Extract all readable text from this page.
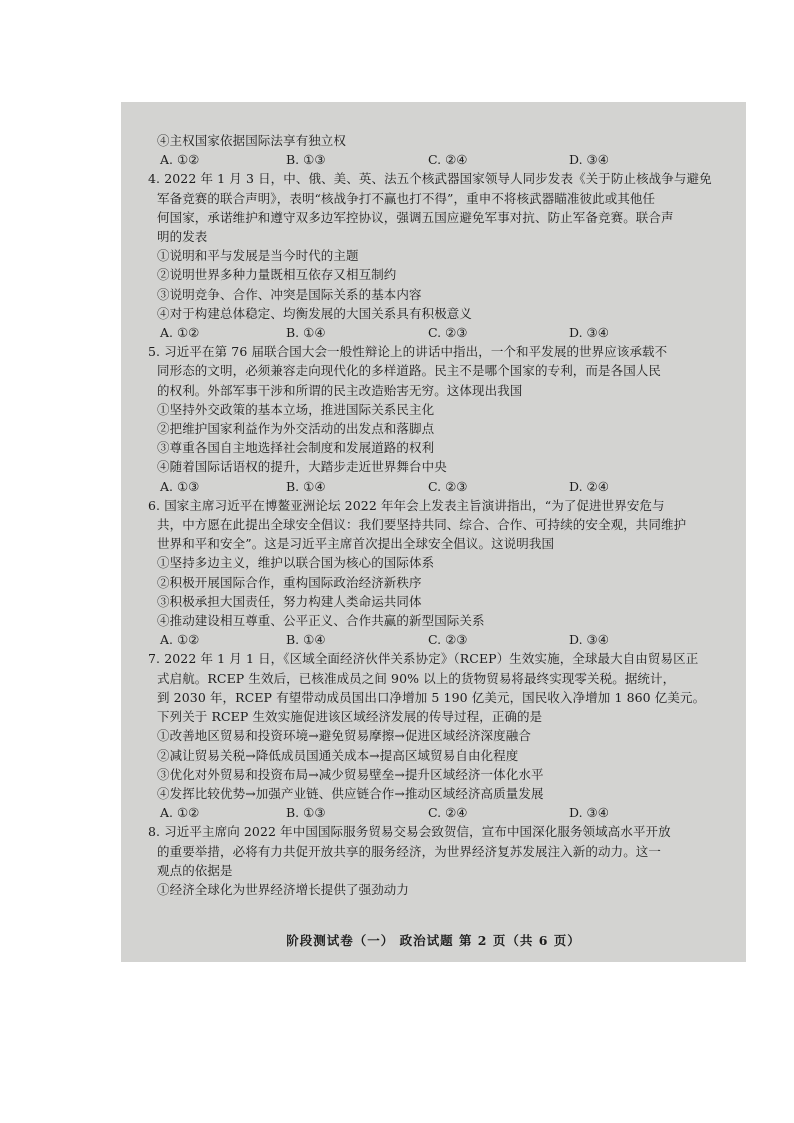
④主权国家依据国际法享有独立权
A. ①②	B. ①③	C. ②④	D. ③④
4. 2022 年 1 月 3 日，中、俄、美、英、法五个核武器国家领导人同步发表《关于防止核战争与避免
军备竞赛的联合声明》，表明“核战争打不赢也打不得”，重申不将核武器瞄准彼此或其他任
何国家，承诺维护和遵守双多边军控协议，强调五国应避免军事对抗、防止军备竞赛。联合声
明的发表
①说明和平与发展是当今时代的主题
②说明世界多种力量既相互依存又相互制约
③说明竞争、合作、冲突是国际关系的基本内容
④对于构建总体稳定、均衡发展的大国关系具有积极意义
A. ①②	B. ①④	C. ②③	D. ③④
5. 习近平在第 76 届联合国大会一般性辩论上的讲话中指出，一个和平发展的世界应该承载不
同形态的文明，必须兼容走向现代化的多样道路。民主不是哪个国家的专利，而是各国人民
的权利。外部军事干涉和所谓的民主改造贻害无穷。这体现出我国
①坚持外交政策的基本立场，推进国际关系民主化
②把维护国家利益作为外交活动的出发点和落脚点
③尊重各国自主地选择社会制度和发展道路的权利
④随着国际话语权的提升，大踏步走近世界舞台中央
A. ①③	B. ①④	C. ②③	D. ②④
6. 国家主席习近平在博鳌亚洲论坛 2022 年年会上发表主旨演讲指出，“为了促进世界安危与
共，中方愿在此提出全球安全倡议：我们要坚持共同、综合、合作、可持续的安全观，共同维护
世界和平和安全”。这是习近平主席首次提出全球安全倡议。这说明我国
①坚持多边主义，维护以联合国为核心的国际体系
②积极开展国际合作，重构国际政治经济新秩序
③积极承担大国责任，努力构建人类命运共同体
④推动建设相互尊重、公平正义、合作共赢的新型国际关系
A. ①②	B. ①④	C. ②③	D. ③④
7. 2022 年 1 月 1 日，《区域全面经济伙伴关系协定》（RCEP）生效实施，全球最大自由贸易区正
式启航。RCEP 生效后，已核准成员之间 90% 以上的货物贸易将最终实现零关税。据统计，
到 2030 年，RCEP 有望带动成员国出口净增加 5 190 亿美元，国民收入净增加 1 860 亿美元。
下列关于 RCEP 生效实施促进该区域经济发展的传导过程，正确的是
①改善地区贸易和投资环境→避免贸易摩擦→促进区域经济深度融合
②减让贸易关税→降低成员国通关成本→提高区域贸易自由化程度
③优化对外贸易和投资布局→减少贸易壁垒→提升区域经济一体化水平
④发挥比较优势→加强产业链、供应链合作→推动区域经济高质量发展
A. ①②	B. ①③	C. ②④	D. ③④
8. 习近平主席向 2022 年中国国际服务贸易交易会致贺信，宣布中国深化服务领域高水平开放
的重要举措，必将有力共促开放共享的服务经济，为世界经济复苏发展注入新的动力。这一
观点的依据是
①经济全球化为世界经济增长提供了强劲动力
阶段测试卷（一） 政治试题 第 2 页（共 6 页）
